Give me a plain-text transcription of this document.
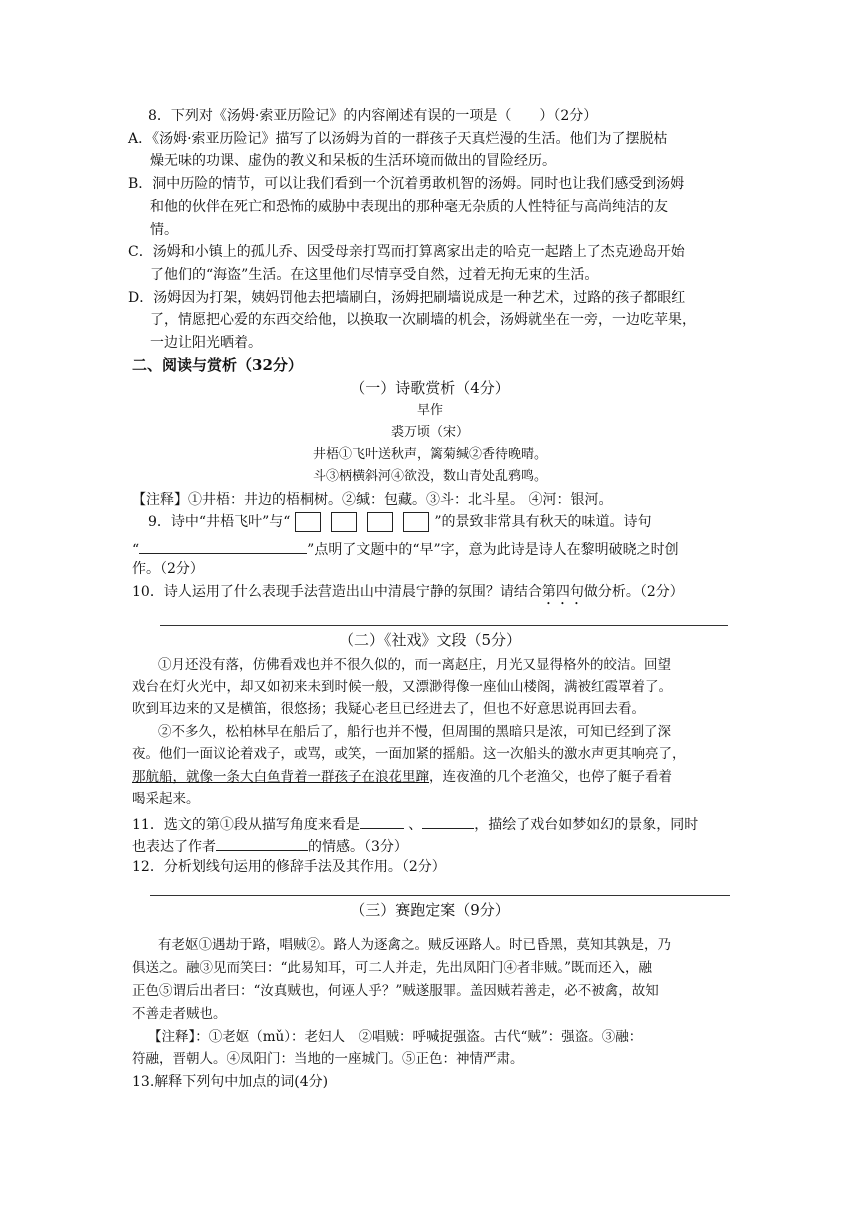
8．下列对《汤姆·索亚历险记》的内容阐述有误的一项是（　　）（2分）
A．《汤姆·索亚历险记》描写了以汤姆为首的一群孩子天真烂漫的生活。他们为了摆脱枯
燥无味的功课、虚伪的教义和呆板的生活环境而做出的冒险经历。
B．洞中历险的情节，可以让我们看到一个沉着勇敢机智的汤姆。同时也让我们感受到汤姆
和他的伙伴在死亡和恐怖的威胁中表现出的那种毫无杂质的人性特征与高尚纯洁的友
情。
C．汤姆和小镇上的孤儿乔、因受母亲打骂而打算离家出走的哈克一起踏上了杰克逊岛开始
了他们的“海盗”生活。在这里他们尽情享受自然，过着无拘无束的生活。
D．汤姆因为打架，姨妈罚他去把墙刷白，汤姆把刷墙说成是一种艺术，过路的孩子都眼红
了，情愿把心爱的东西交给他，以换取一次刷墙的机会，汤姆就坐在一旁，一边吃苹果，
一边让阳光晒着。
二、阅读与赏析（32分）
（一）诗歌赏析（4分）
早作
裘万顷（宋）
井梧①飞叶送秋声，篱菊缄②香待晚晴。
斗③柄横斜河④欲没，数山青处乱鸦鸣。
【注释】①井梧：井边的梧桐树。②缄：包藏。③斗：北斗星。 ④河：银河。
9．诗中“井梧飞叶”与“	”的景致非常具有秋天的味道。诗句
“	”点明了文题中的“早”字，意为此诗是诗人在黎明破晓之时创
作。（2分）
10．诗人运用了什么表现手法营造出山中清晨宁静的氛围？请结合第四句做分析。（2分）
（二）《社戏》文段（5分）
①月还没有落，仿佛看戏也并不很久似的，而一离赵庄，月光又显得格外的皎洁。回望
戏台在灯火光中，却又如初来未到时候一般，又漂渺得像一座仙山楼阁，满被红霞罩着了。
吹到耳边来的又是横笛，很悠扬；我疑心老旦已经进去了，但也不好意思说再回去看。
②不多久，松柏林早在船后了，船行也并不慢，但周围的黑暗只是浓，可知已经到了深
夜。他们一面议论着戏子，或骂，或笑，一面加紧的摇船。这一次船头的激水声更其响亮了，
那航船，就像一条大白鱼背着一群孩子在浪花里蹿，连夜渔的几个老渔父，也停了艇子看着
喝采起来。
11．选文的第①段从描写角度来看是	、	，描绘了戏台如梦如幻的景象，同时
也表达了作者	的情感。（3分）
12．分析划线句运用的修辞手法及其作用。（2分）
（三）赛跑定案（9分）
有老妪①遇劫于路，唱贼②。路人为逐禽之。贼反诬路人。时已昏黑，莫知其孰是，乃
俱送之。融③见而笑曰：“此易知耳，可二人并走，先出凤阳门④者非贼。”既而还入，融
正色⑤谓后出者曰：“汝真贼也，何诬人乎？”贼遂服罪。盖因贼若善走，必不被禽，故知
不善走者贼也。
【注释】：①老妪（mǔ）：老妇人　②唱贼：呼喊捉强盗。古代“贼”：强盗。③融：
符融，晋朝人。④凤阳门：当地的一座城门。⑤正色：神情严肃。
13.解释下列句中加点的词(4分)
